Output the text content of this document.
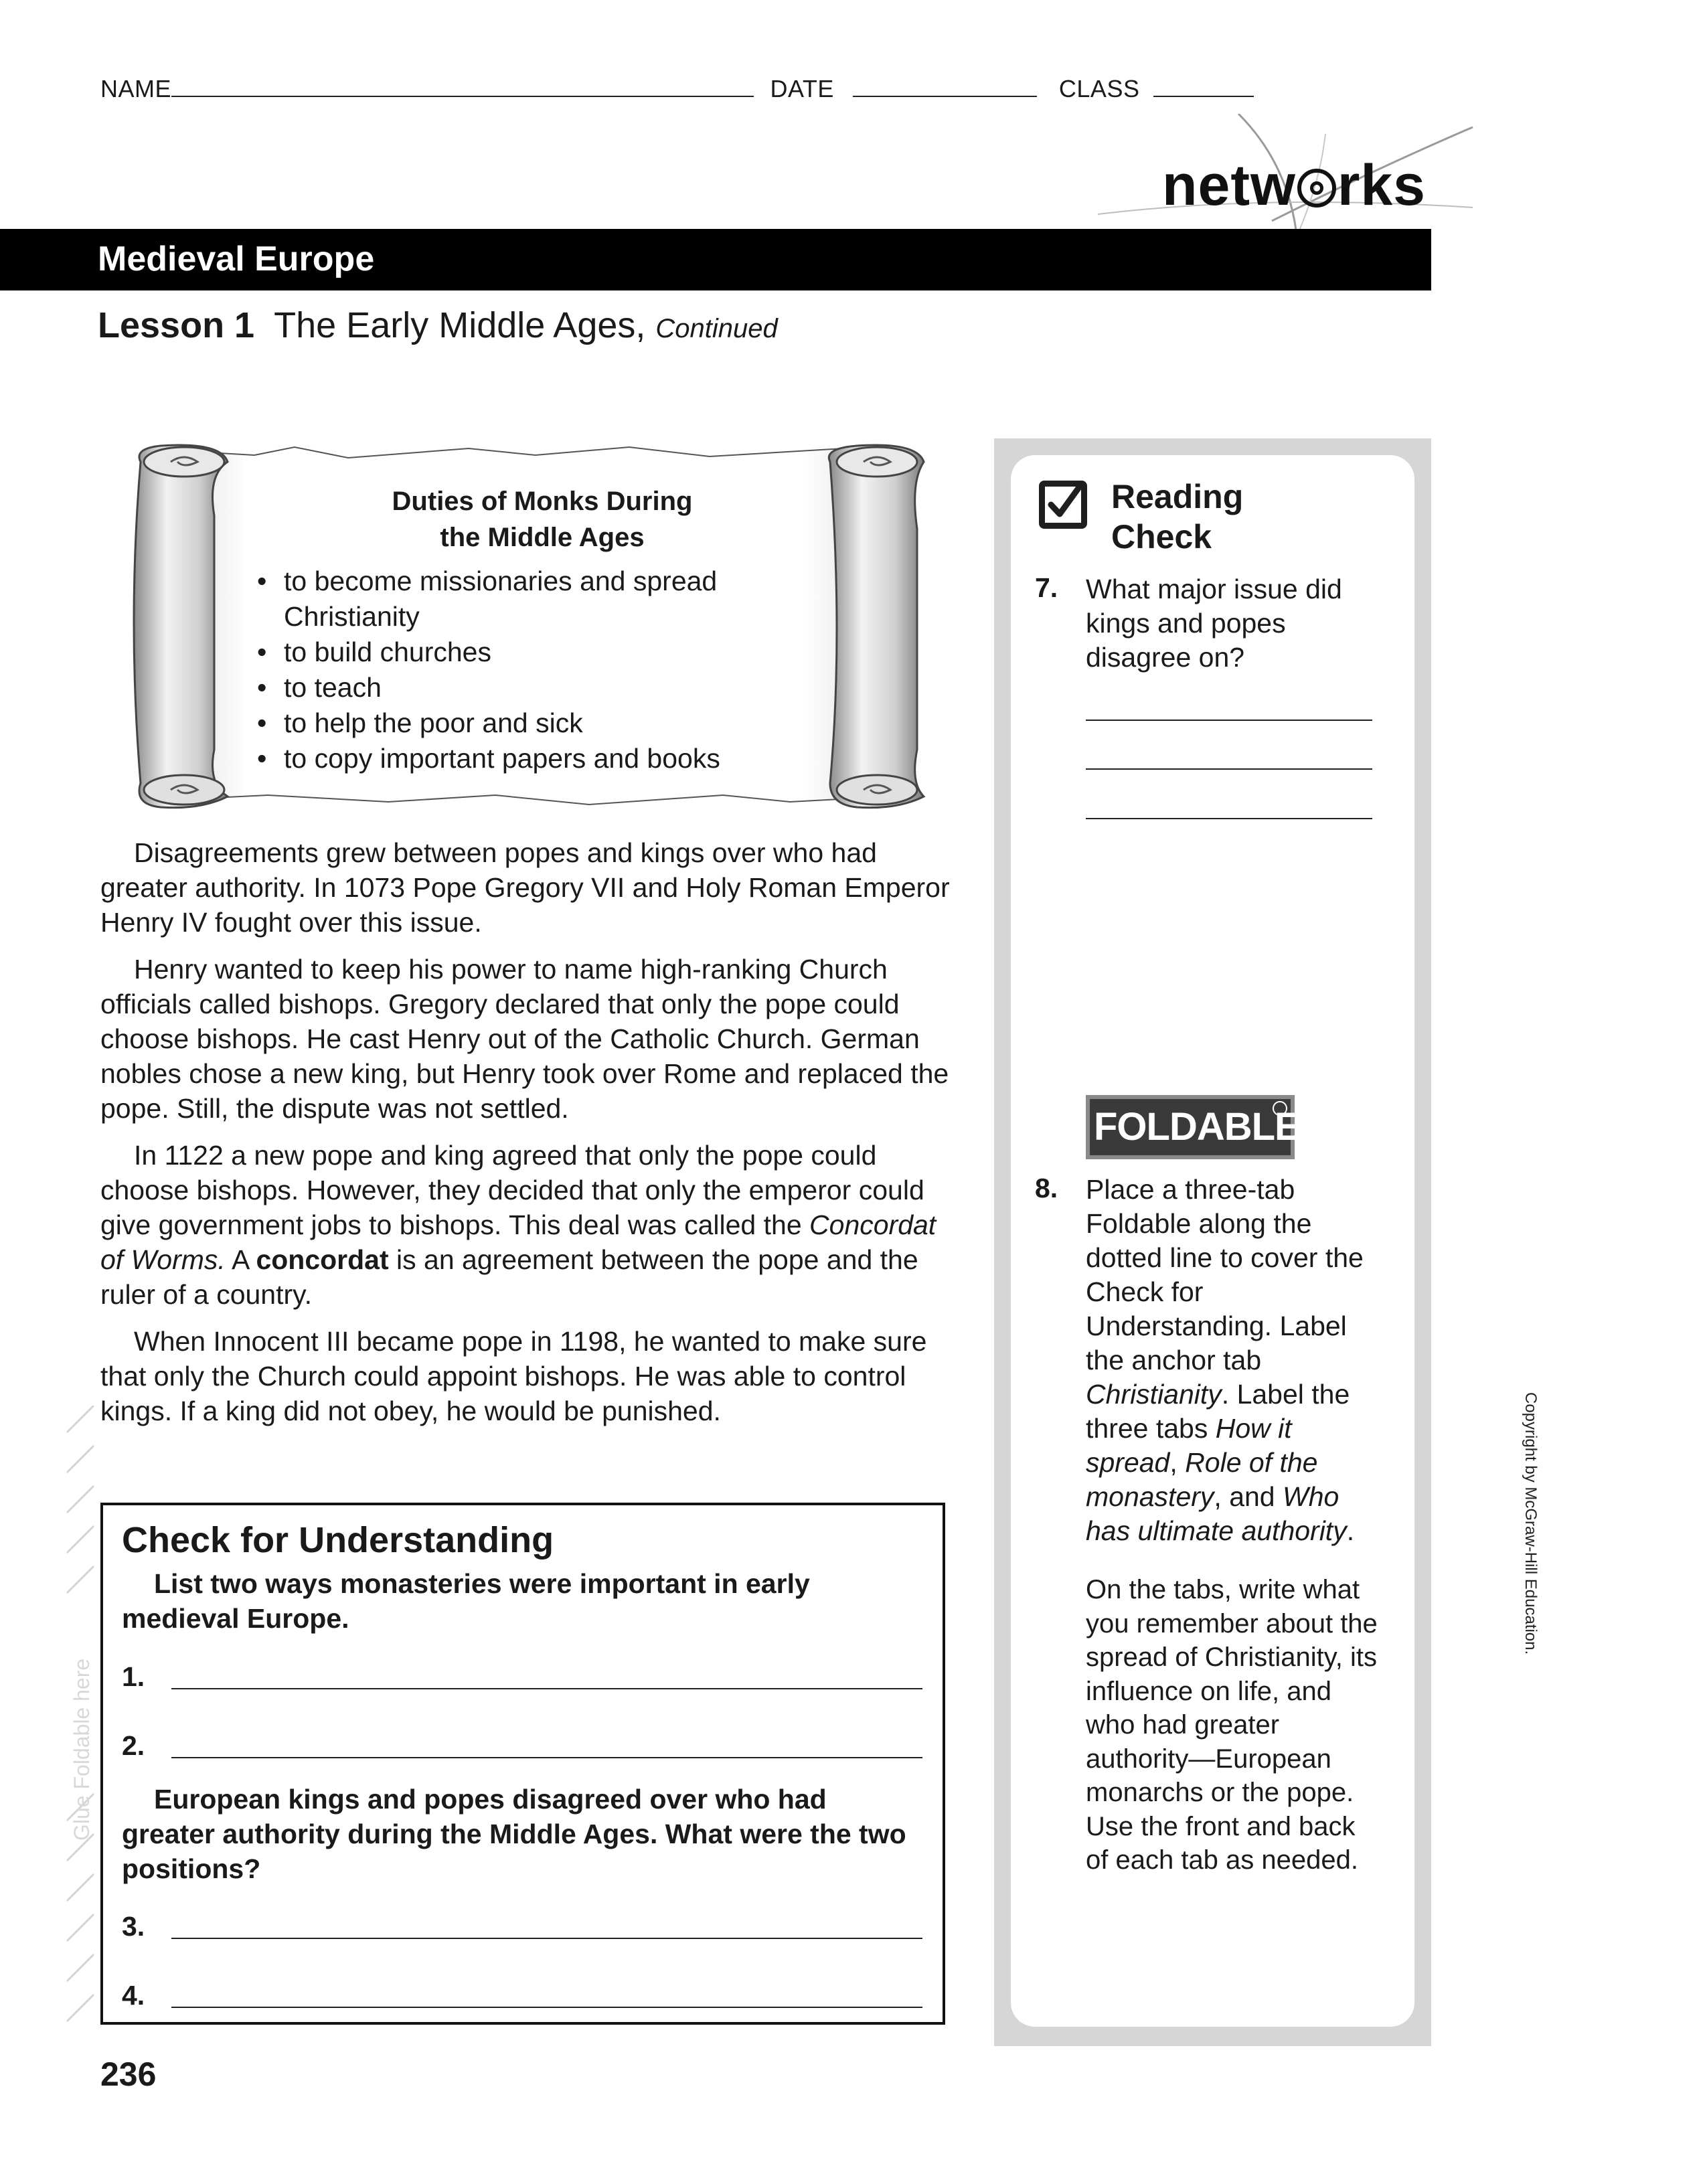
NAME	DATE	CLASS
netw rks
Medieval Europe
Lesson 1 The Early Middle Ages, Continued
Duties of Monks During
the Middle Ages
• to become missionaries and spread Christianity
• to build churches
• to teach
• to help the poor and sick
• to copy important papers and books

Disagreements grew between popes and kings over who had greater authority. In 1073 Pope Gregory VII and Holy Roman Emperor Henry IV fought over this issue.

Henry wanted to keep his power to name high-ranking Church officials called bishops. Gregory declared that only the pope could choose bishops. He cast Henry out of the Catholic Church. German nobles chose a new king, but Henry took over Rome and replaced the pope. Still, the dispute was not settled.

In 1122 a new pope and king agreed that only the pope could choose bishops. However, they decided that only the emperor could give government jobs to bishops. This deal was called the Concordat of Worms. A concordat is an agreement between the pope and the ruler of a country.

When Innocent III became pope in 1198, he wanted to make sure that only the Church could appoint bishops. He was able to control kings. If a king did not obey, he would be punished.

Glue Foldable here
Check for Understanding
List two ways monasteries were important in early medieval Europe.
1.
2.
European kings and popes disagreed over who had greater authority during the Middle Ages. What were the two positions?
3.
4.
236
Reading
Check
7. What major issue did kings and popes disagree on?
FOLDABLES
8. Place a three-tab Foldable along the dotted line to cover the Check for Understanding. Label the anchor tab Christianity. Label the three tabs How it spread, Role of the monastery, and Who has ultimate authority.
On the tabs, write what you remember about the spread of Christianity, its influence on life, and who had greater authority—European monarchs or the pope. Use the front and back of each tab as needed.
Copyright by McGraw-Hill Education.
